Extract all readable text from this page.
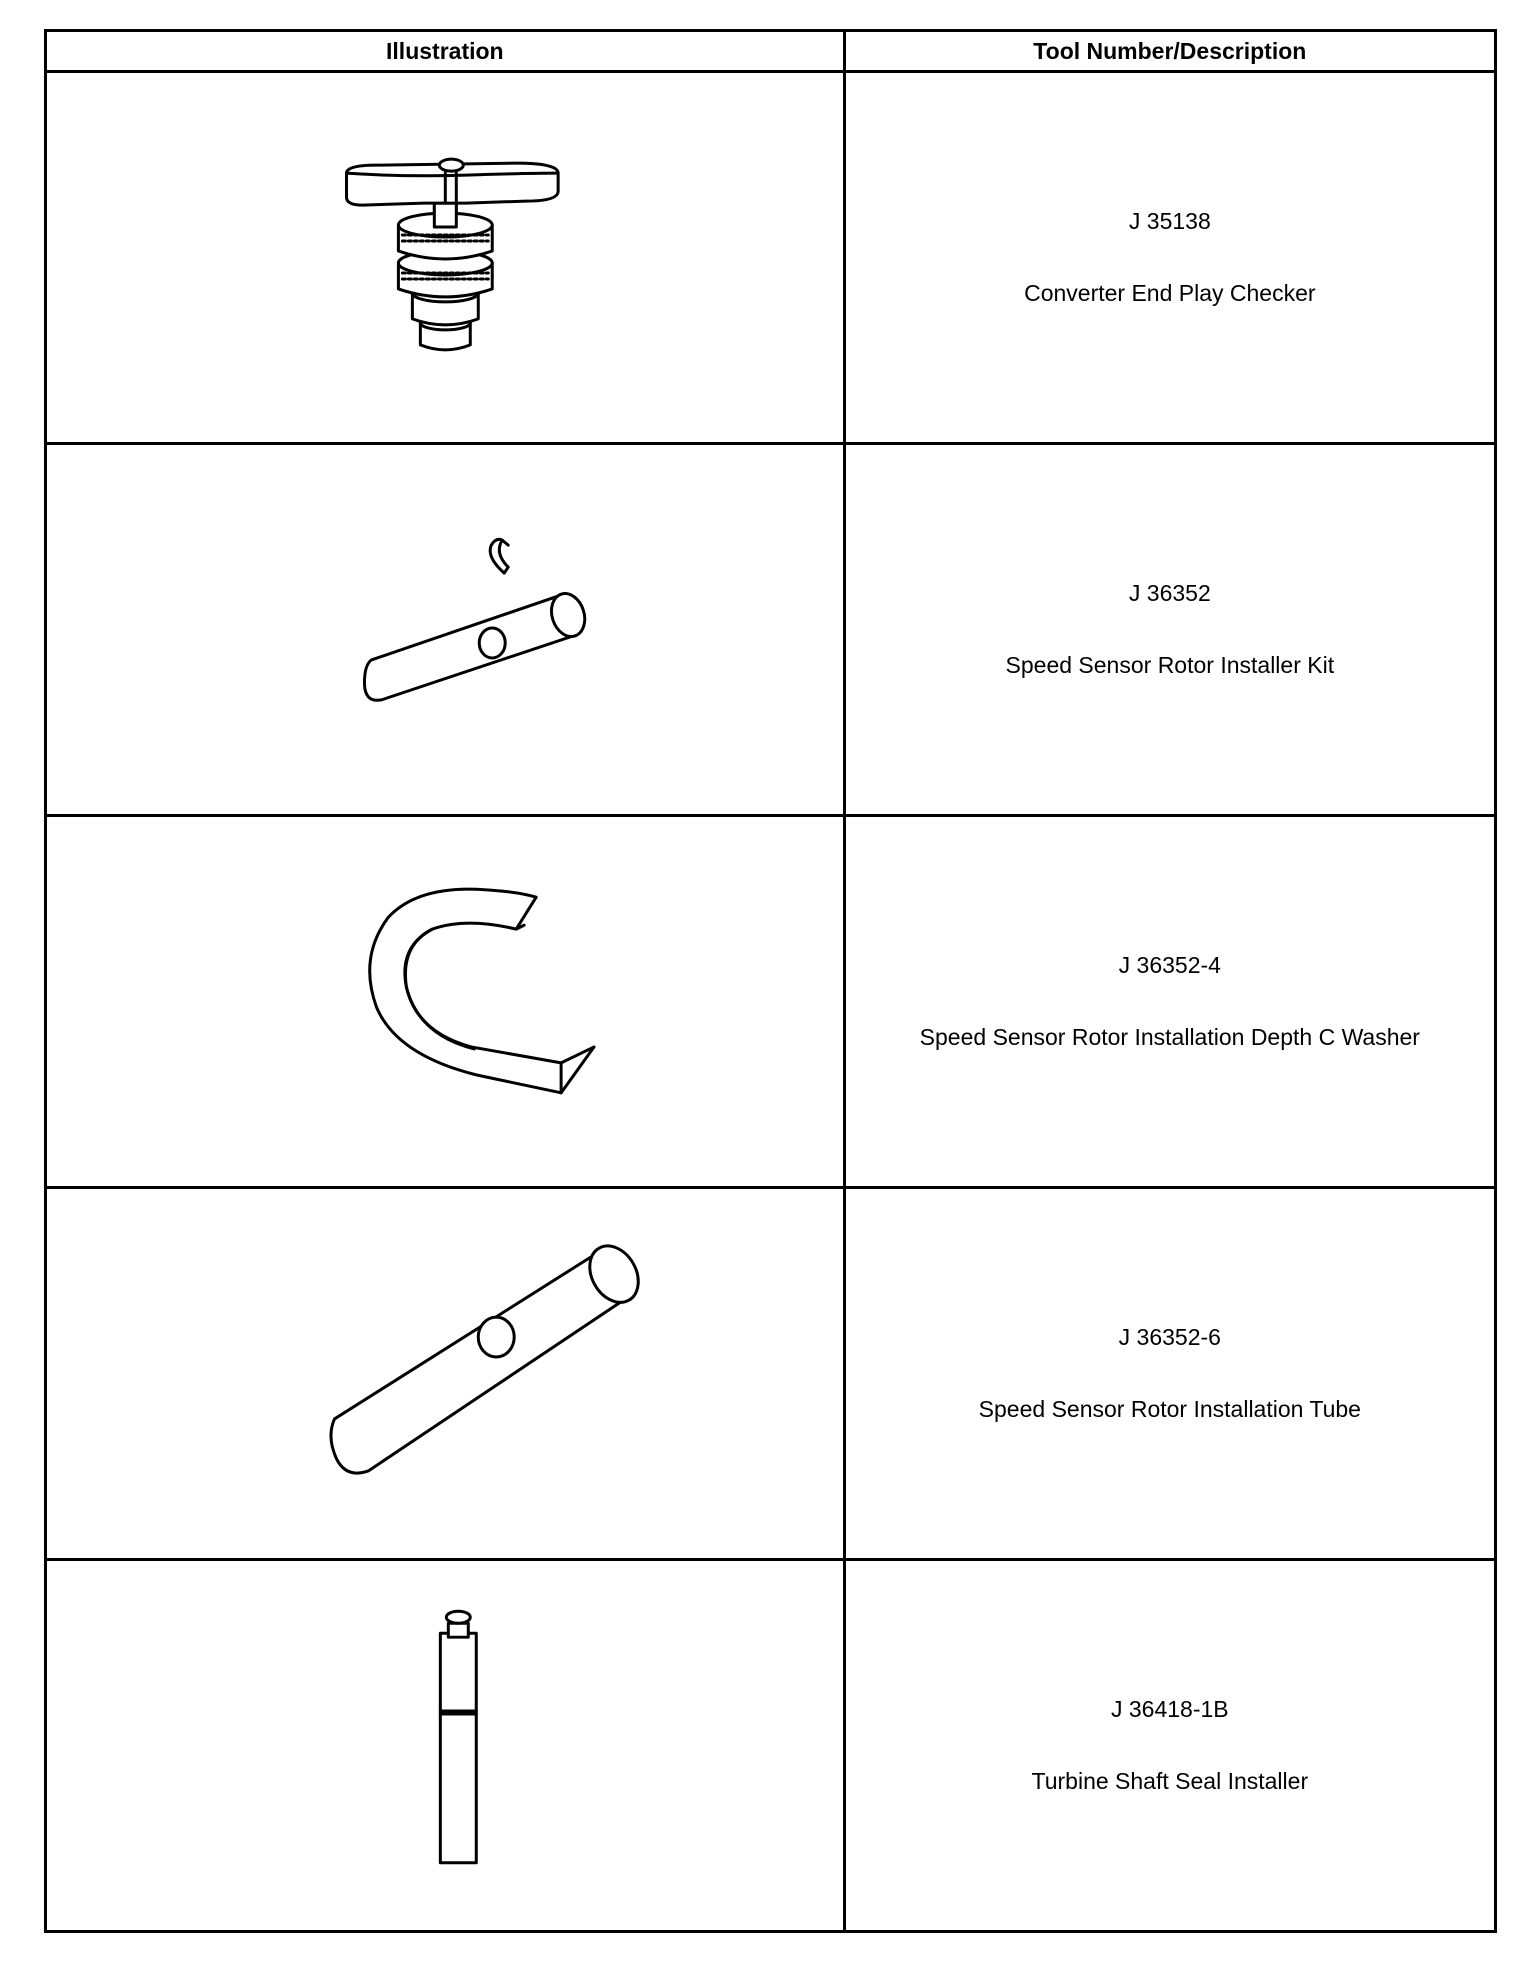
Illustration	Tool Number/Description

J 35138
Converter End Play Checker

J 36352
Speed Sensor Rotor Installer Kit

J 36352-4
Speed Sensor Rotor Installation Depth C Washer

J 36352-6
Speed Sensor Rotor Installation Tube

J 36418-1B
Turbine Shaft Seal Installer
